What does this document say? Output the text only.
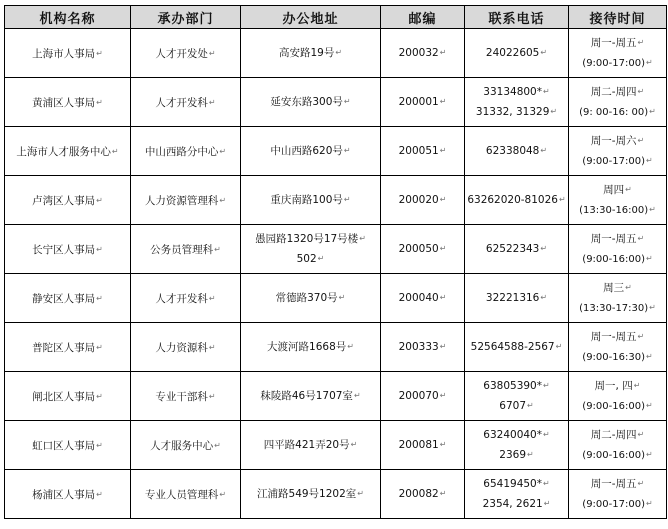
机构名称	承办部门	办公地址	邮编	联系电话	接待时间
上海市人事局↵	人才开发处↵	高安路19号↵	200032↵	24022605↵	周一-周五↵
(9:00-17:00)↵

黄浦区人事局↵	人才开发科↵	延安东路300号↵	200001↵	33134800*↵
31332, 31329↵	周二-周四↵
(9: 00-16: 00)↵

上海市人才服务中心↵	中山西路分中心↵	中山西路620号↵	200051↵	62338048↵	周一-周六↵
(9:00-17:00)↵

卢湾区人事局↵	人力资源管理科↵	重庆南路100号↵	200020↵	63262020-81026↵	周四↵
(13:30-16:00)↵

长宁区人事局↵	公务员管理科↵	愚园路1320号17号楼↵
502↵	200050↵	62522343↵	周一-周五↵
(9:00-16:00)↵

静安区人事局↵	人才开发科↵	常德路370号↵	200040↵	32221316↵	周三↵
(13:30-17:30)↵

普陀区人事局↵	人力资源科↵	大渡河路1668号↵	200333↵	52564588-2567↵	周一-周五↵
(9:00-16:30)↵

闸北区人事局↵	专业干部科↵	秣陵路46号1707室↵	200070↵	63805390*↵
6707↵	周一, 四↵
(9:00-16:00)↵

虹口区人事局↵	人才服务中心↵	四平路421弄20号↵	200081↵	63240040*↵
2369↵	周二-周四↵
(9:00-16:00)↵

杨浦区人事局↵	专业人员管理科↵	江浦路549号1202室↵	200082↵	65419450*↵
2354, 2621↵	周一-周五↵
(9:00-17:00)↵
